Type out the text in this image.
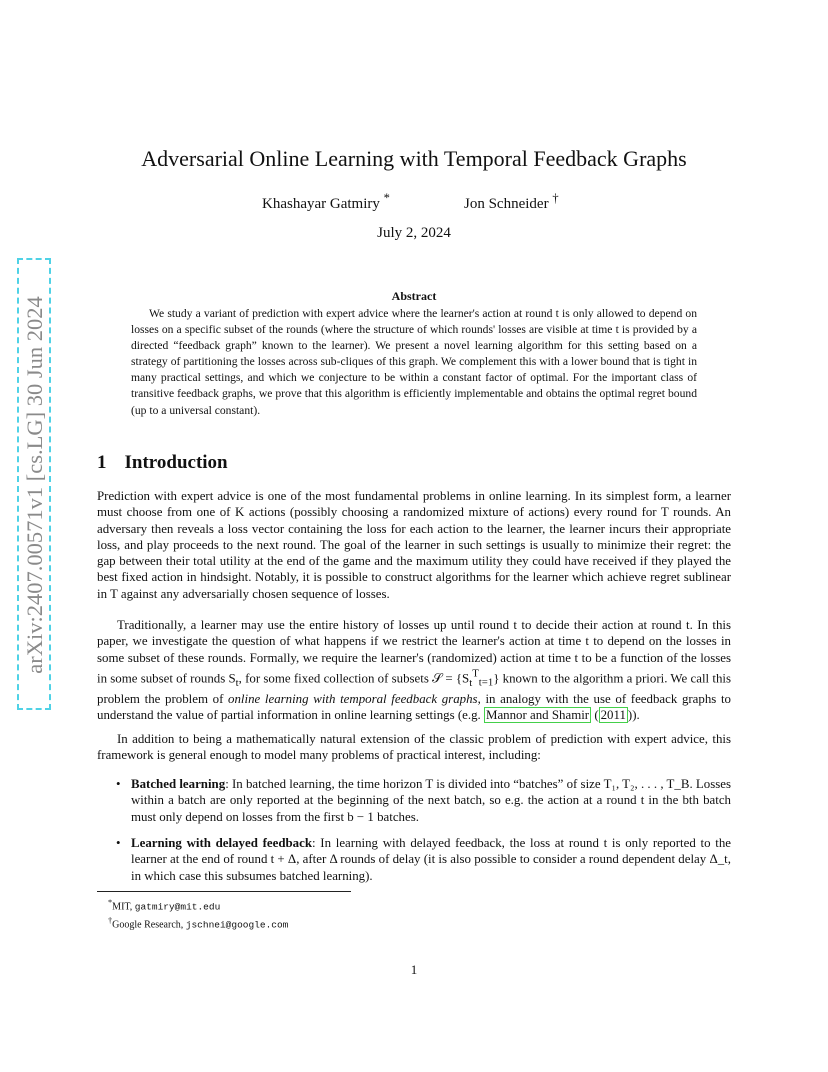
arXiv:2407.00571v1 [cs.LG] 30 Jun 2024
Adversarial Online Learning with Temporal Feedback Graphs
Khashayar Gatmiry *	Jon Schneider †
July 2, 2024
Abstract
We study a variant of prediction with expert advice where the learner's action at round t is only allowed to depend on losses on a specific subset of the rounds (where the structure of which rounds' losses are visible at time t is provided by a directed “feedback graph” known to the learner). We present a novel learning algorithm for this setting based on a strategy of partitioning the losses across sub-cliques of this graph. We complement this with a lower bound that is tight in many practical settings, and which we conjecture to be within a constant factor of optimal. For the important class of transitive feedback graphs, we prove that this algorithm is efficiently implementable and obtains the optimal regret bound (up to a universal constant).
1 Introduction
Prediction with expert advice is one of the most fundamental problems in online learning. In its simplest form, a learner must choose from one of K actions (possibly choosing a randomized mixture of actions) every round for T rounds. An adversary then reveals a loss vector containing the loss for each action to the learner, the learner incurs their appropriate loss, and play proceeds to the next round. The goal of the learner in such settings is usually to minimize their regret: the gap between their total utility at the end of the game and the maximum utility they could have received if they played the best fixed action in hindsight. Notably, it is possible to construct algorithms for the learner which achieve regret sublinear in T against any adversarially chosen sequence of losses.
Traditionally, a learner may use the entire history of losses up until round t to decide their action at round t. In this paper, we investigate the question of what happens if we restrict the learner's action at time t to depend on the losses in some subset of these rounds. Formally, we require the learner's (randomized) action at time t to be a function of the losses in some subset of rounds $S_t$, for some fixed collection of subsets 𝒮 = $\{S_t^T_{t=1}\}$ known to the algorithm a priori. We call this problem the problem of online learning with temporal feedback graphs, in analogy with the use of feedback graphs to understand the value of partial information in online learning settings (e.g. Mannor and Shamir ( 2011 )).
In addition to being a mathematically natural extension of the classic problem of prediction with expert advice, this framework is general enough to model many problems of practical interest, including:
• Batched learning: In batched learning, the time horizon T is divided into “batches” of size T₁, T₂, . . . , T_B. Losses within a batch are only reported at the beginning of the next batch, so e.g. the action at a round t in the bth batch must only depend on losses from the first b − 1 batches.
• Learning with delayed feedback: In learning with delayed feedback, the loss at round t is only reported to the learner at the end of round t + Δ, after Δ rounds of delay (it is also possible to consider a round dependent delay Δ_t, in which case this subsumes batched learning).
*MIT, gatmiry@mit.edu
†Google Research, jschnei@google.com
1
